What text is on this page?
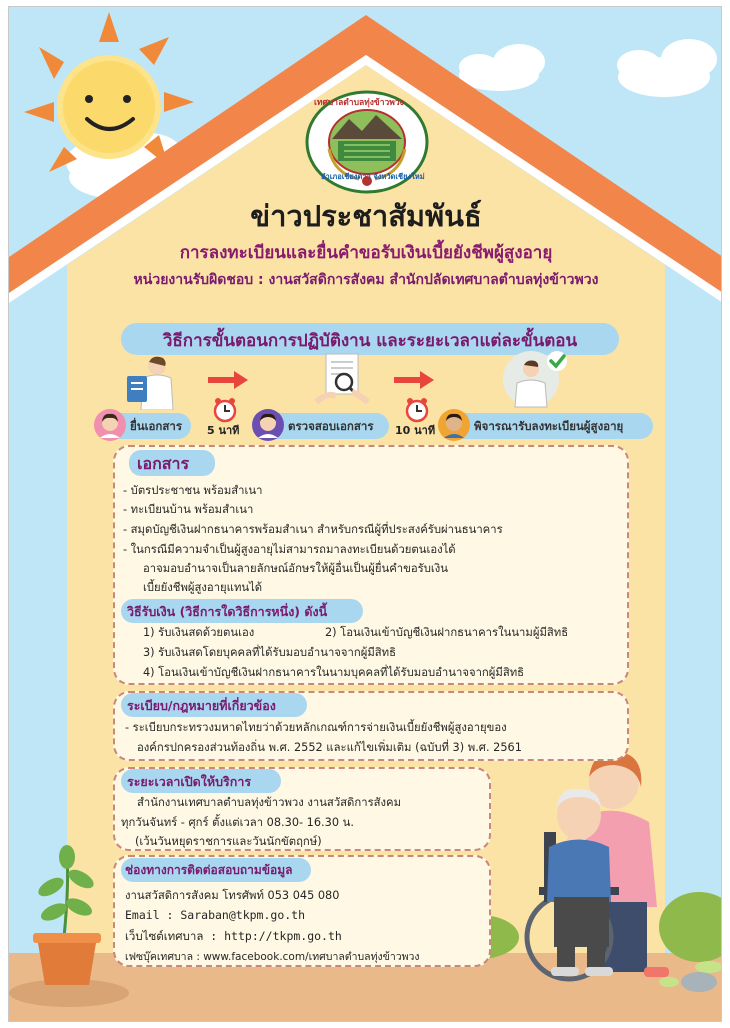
เทศบาลตำบลทุ่งข้าวพวง
อำเภอเชียงดาว จังหวัดเชียงใหม่
ข่าวประชาสัมพันธ์
การลงทะเบียนและยื่นคำขอรับเงินเบี้ยยังชีพผู้สูงอายุ
หน่วยงานรับผิดชอบ : งานสวัสดิการสังคม สำนักปลัดเทศบาลตำบลทุ่งข้าวพวง
วิธีการขั้นตอนการปฏิบัติงาน และระยะเวลาแต่ละขั้นตอน
ยื่นเอกสาร 5 นาที	ตรวจสอบเอกสาร 10 นาที	พิจารณารับลงทะเบียนผู้สูงอายุ
เอกสาร
- บัตรประชาชน พร้อมสำเนา
- ทะเบียนบ้าน พร้อมสำเนา
- สมุดบัญชีเงินฝากธนาคารพร้อมสำเนา สำหรับกรณีผู้ที่ประสงค์รับผ่านธนาคาร
- ในกรณีมีความจำเป็นผู้สูงอายุไม่สามารถมาลงทะเบียนด้วยตนเองได้
อาจมอบอำนาจเป็นลายลักษณ์อักษรให้ผู้อื่นเป็นผู้ยื่นคำขอรับเงิน
เบี้ยยังชีพผู้สูงอายุแทนได้
วิธีรับเงิน (วิธีการใดวิธีการหนึ่ง) ดังนี้
1) รับเงินสดด้วยตนเอง	2) โอนเงินเข้าบัญชีเงินฝากธนาคารในนามผู้มีสิทธิ
3) รับเงินสดโดยบุคคลที่ได้รับมอบอำนาจจากผู้มีสิทธิ
4) โอนเงินเข้าบัญชีเงินฝากธนาคารในนามบุคคลที่ได้รับมอบอำนาจจากผู้มีสิทธิ
ระเบียบ/กฎหมายที่เกี่ยวข้อง
- ระเบียบกระทรวงมหาดไทยว่าด้วยหลักเกณฑ์การจ่ายเงินเบี้ยยังชีพผู้สูงอายุของ
องค์กรปกครองส่วนท้องถิ่น พ.ศ. 2552 และแก้ไขเพิ่มเติม (ฉบับที่ 3) พ.ศ. 2561
ระยะเวลาเปิดให้บริการ
สำนักงานเทศบาลตำบลทุ่งข้าวพวง งานสวัสดิการสังคม
ทุกวันจันทร์ - ศุกร์ ตั้งแต่เวลา 08.30- 16.30 น.
(เว้นวันหยุดราชการและวันนักขัตฤกษ์)
ช่องทางการติดต่อสอบถามข้อมูล
งานสวัสดิการสังคม โทรศัพท์ 053 045 080
Email : Saraban@tkpm.go.th
เว็บไซต์เทศบาล : http://tkpm.go.th
เฟซบุ๊คเทศบาล : www.facebook.com/เทศบาลตำบลทุ่งข้าวพวง
